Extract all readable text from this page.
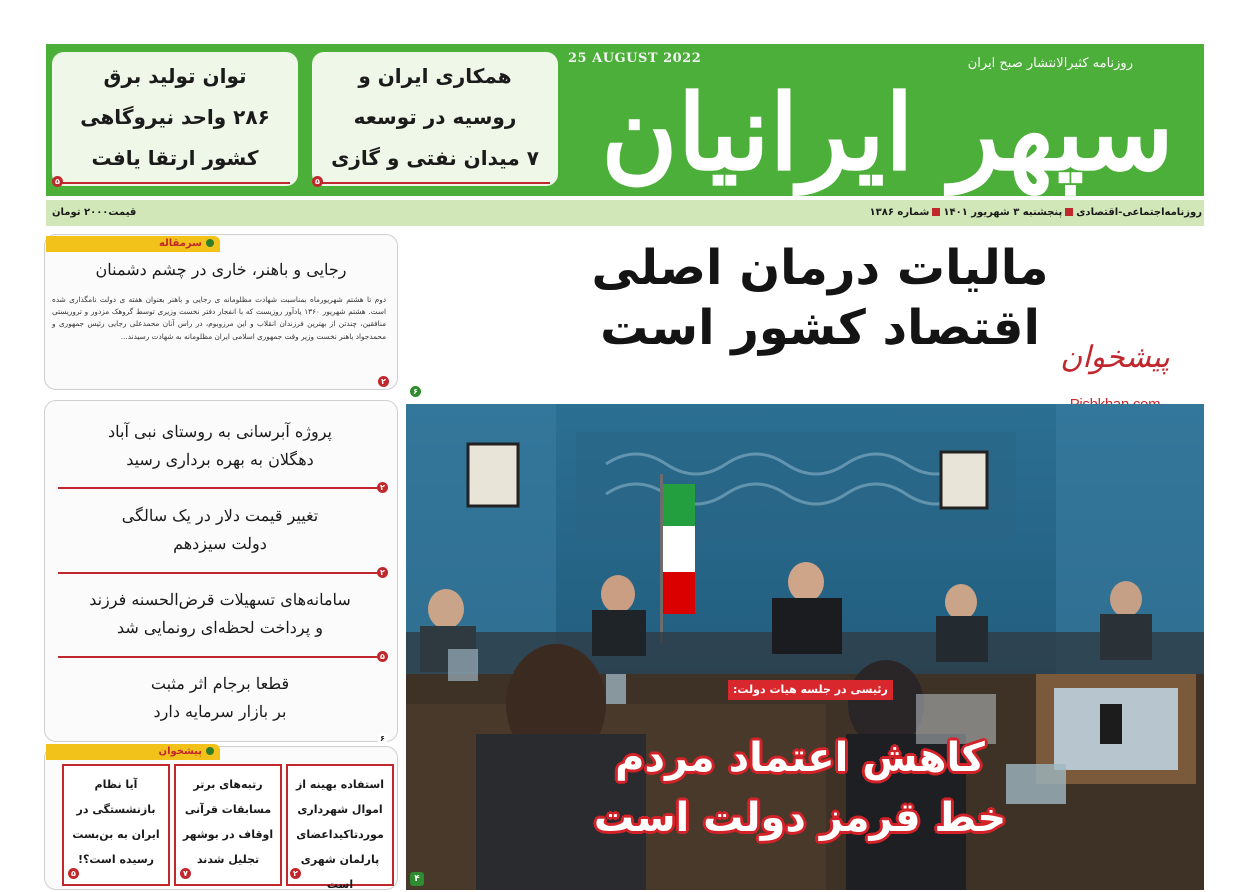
25 AUGUST 2022	روزنامه کثیرالانتشار صبح ایران
سپهر ایرانیان
همکاری ایران و
روسیه در توسعه
۷ میدان نفتی و گازی
۵
توان تولید برق
۲۸۶ واحد نیروگاهی
کشور ارتقا یافت
۵
قیمت۲۰۰۰ تومان	روزنامه‌اجتماعی-اقتصادیپنجشنبه ۳ شهریور ۱۴۰۱شماره ۱۳۸۶
سرمقاله
رجایی و باهنر، خاری در چشم دشمنان
دوم تا هشتم شهریورماه بمناسبت شهادت مظلومانه ی رجایی و باهنر بعنوان هفته ی دولت نامگذاری شده است. هشتم شهریور ۱۳۶۰ یادآور روزیست که با انفجار دفتر نخست وزیری توسط گروهک مزدور و تروریستی منافقین، چندتن از بهترین فرزندان انقلاب و این مرزوبوم، در راس آنان محمدعلی رجایی رئیس جمهوری و محمدجواد باهنر نخست وزیر وقت جمهوری اسلامی ایران مظلومانه به شهادت رسیدند...
۲
مالیات درمان اصلی
اقتصاد کشور است
۶
پیشخوان
رئیسی در جلسه هیات دولت:
کاهش اعتماد مردم
خط قرمز دولت است
۴
پروژه آبرسانی به روستای نبی آباد
دهگلان به بهره برداری رسید
۲
تغییر قیمت دلار در یک سالگی
دولت سیزدهم
۲
سامانه‌های تسهیلات قرض‌الحسنه فرزند
و پرداخت لحظه‌ای رونمایی شد
۵
قطعا برجام اثر مثبت
بر بازار سرمایه دارد
۶
پیشخوان
استفاده بهینه از
اموال شهرداری
موردتاکیداعضای
پارلمان شهری است
۲
رتبه‌های برتر
مسابقات قرآنی
اوقاف در بوشهر
تجلیل شدند
۷
آیا نظام
بازنشستگی در
ایران به بن‌بست
رسیده است؟!
۵
